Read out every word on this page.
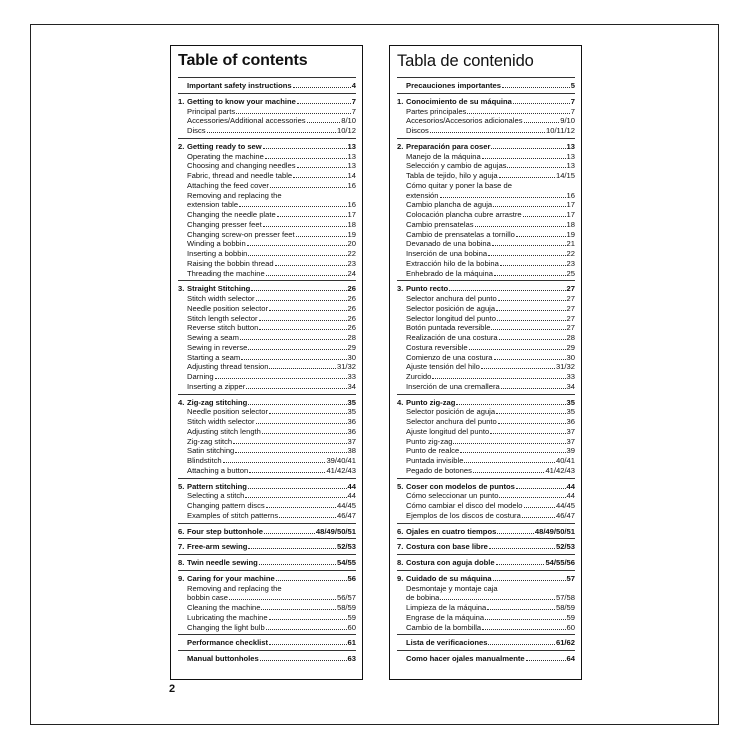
Table of contents
Important safety instructions	4
1. Getting to know your machine	7
Principal parts	7
Accessories/Additional accessories	8/10
Discs	10/12
2. Getting ready to sew	13
Operating the machine	13
Choosing and changing needles	13
Fabric, thread and needle table	14
Attaching the feed cover	16
Removing and replacing the
extension table	16
Changing the needle plate	17
Changing presser feet	18
Changing screw-on presser feet	19
Winding a bobbin	20
Inserting a bobbin	22
Raising the bobbin thread	23
Threading the machine	24
3. Straight Stitching	26
Stitch width selector	26
Needle position selector	26
Stitch length selector	26
Reverse stitch button	26
Sewing a seam	28
Sewing in reverse	29
Starting a seam	30
Adjusting thread tension	31/32
Darning	33
Inserting a zipper	34
4. Zig-zag stitching	35
Needle position selector	35
Stitch width selector	36
Adjusting stitch length	36
Zig-zag stitch	37
Satin stitching	38
Blindstitch	39/40/41
Attaching a button	41/42/43
5. Pattern stitching	44
Selecting a stitch	44
Changing pattern discs	44/45
Examples of stitch patterns	46/47
6. Four step buttonhole	48/49/50/51
7. Free-arm sewing	52/53
8. Twin needle sewing	54/55
9. Caring for your machine	56
Removing and replacing the
bobbin case	56/57
Cleaning the machine	58/59
Lubricating the machine	59
Changing the light bulb	60
Performance checklist	61
Manual buttonholes	63
Tabla de contenido
Precauciones importantes	5
1. Conocimiento de su máquina	7
Partes principales	7
Accesorios/Accesorios adicionales	9/10
Discos	10/11/12
2. Preparación para coser	13
Manejo de la máquina	13
Selección y cambio de agujas	13
Tabla de tejido, hilo y aguja	14/15
Cómo quitar y poner la base de
extensión	16
Cambio plancha de aguja	17
Colocación plancha cubre arrastre	17
Cambio prensatelas	18
Cambio de prensatelas a tornillo	19
Devanado de una bobina	21
Inserción de una bobina	22
Extracción hilo de la bobina	23
Enhebrado de la máquina	25
3. Punto recto	27
Selector anchura del punto	27
Selector posición de aguja	27
Selector longitud del punto	27
Botón puntada reversible	27
Realización de una costura	28
Costura reversible	29
Comienzo de una costura	30
Ajuste tensión del hilo	31/32
Zurcido	33
Inserción de una cremallera	34
4. Punto zig-zag	35
Selector posición de aguja	35
Selector anchura del punto	36
Ajuste longitud del punto	37
Punto zig-zag	37
Punto de realce	39
Puntada invisible	40/41
Pegado de botones	41/42/43
5. Coser con modelos de puntos	44
Cómo seleccionar un punto	44
Cómo cambiar el disco del modelo	44/45
Ejemplos de los discos de costura	46/47
6. Ojales en cuatro tiempos	48/49/50/51
7. Costura con base libre	52/53
8. Costura con aguja doble	54/55/56
9. Cuidado de su máquina	57
Desmontaje y montaje caja
de bobina	57/58
Limpieza de la máquina	58/59
Engrase de la máquina	59
Cambio de la bombilla	60
Lista de verificaciones	61/62
Como hacer ojales manualmente	64
2
